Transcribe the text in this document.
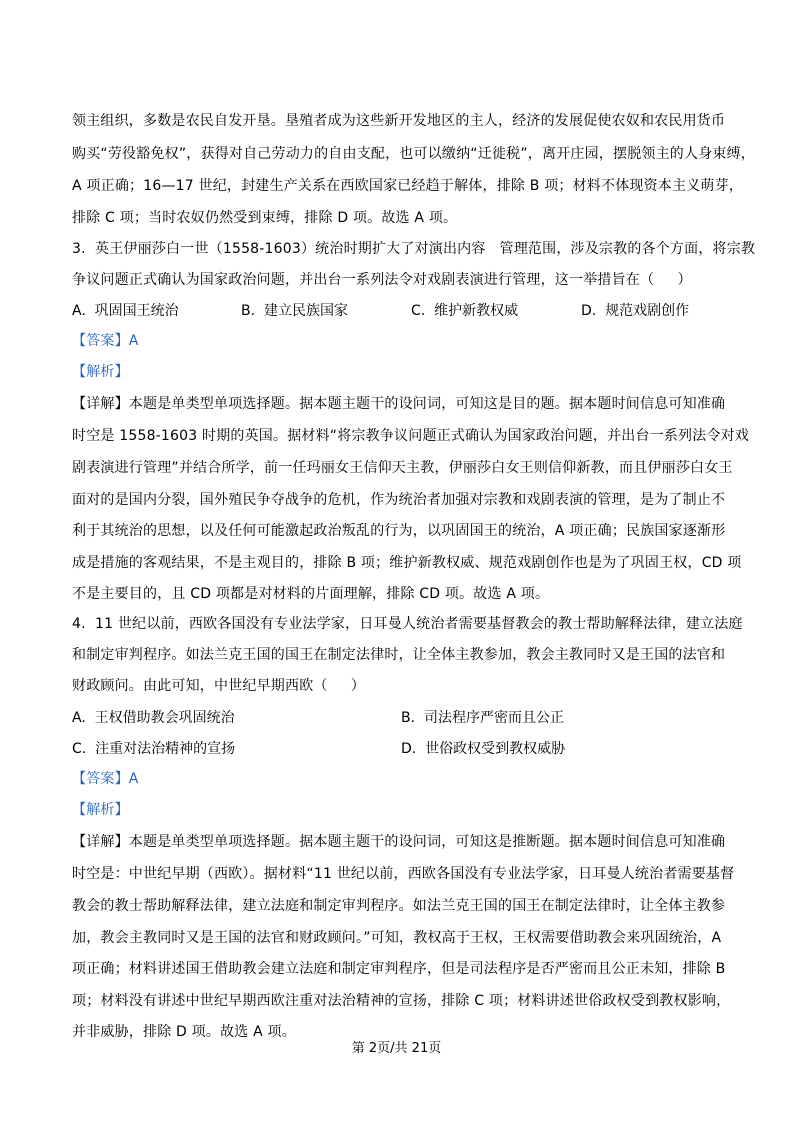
领主组织，多数是农民自发开垦。垦殖者成为这些新开发地区的主人，经济的发展促使农奴和农民用货币

购买“劳役豁免权”，获得对自己劳动力的自由支配，也可以缴纳“迁徙税”，离开庄园，摆脱领主的人身束缚，

A 项正确；16—17 世纪，封建生产关系在西欧国家已经趋于解体，排除 B 项；材料不体现资本主义萌芽，

排除 C 项；当时农奴仍然受到束缚，排除 D 项。故选 A 项。

3.  英王伊丽莎白一世（1558-1603）统治时期扩大了对演出内容   管理范围，涉及宗教的各个方面，将宗教

争议问题正式确认为国家政治问题，并出台一系列法令对戏剧表演进行管理，这一举措旨在（     ）

A.  巩固国王统治	B.  建立民族国家	C.  维护新教权威	D.  规范戏剧创作

【答案】A

【解析】

【详解】本题是单类型单项选择题。据本题主题干的设问词，可知这是目的题。据本题时间信息可知准确

时空是 1558-1603 时期的英国。据材料“将宗教争议问题正式确认为国家政治问题，并出台一系列法令对戏

剧表演进行管理”并结合所学，前一任玛丽女王信仰天主教，伊丽莎白女王则信仰新教，而且伊丽莎白女王

面对的是国内分裂，国外殖民争夺战争的危机，作为统治者加强对宗教和戏剧表演的管理，是为了制止不

利于其统治的思想，以及任何可能激起政治叛乱的行为，以巩固国王的统治，A 项正确；民族国家逐渐形

成是措施的客观结果，不是主观目的，排除 B 项；维护新教权威、规范戏剧创作也是为了巩固王权，CD 项

不是主要目的，且 CD 项都是对材料的片面理解，排除 CD 项。故选 A 项。

4.  11 世纪以前，西欧各国没有专业法学家，日耳曼人统治者需要基督教会的教士帮助解释法律，建立法庭

和制定审判程序。如法兰克王国的国王在制定法律时，让全体主教参加，教会主教同时又是王国的法官和

财政顾问。由此可知，中世纪早期西欧（     ）

A.  王权借助教会巩固统治	B.  司法程序严密而且公正

C.  注重对法治精神的宣扬	D.  世俗政权受到教权威胁

【答案】A

【解析】

【详解】本题是单类型单项选择题。据本题主题干的设问词，可知这是推断题。据本题时间信息可知准确

时空是：中世纪早期（西欧）。据材料“11 世纪以前，西欧各国没有专业法学家，日耳曼人统治者需要基督

教会的教士帮助解释法律，建立法庭和制定审判程序。如法兰克王国的国王在制定法律时，让全体主教参

加，教会主教同时又是王国的法官和财政顾问。”可知，教权高于王权，王权需要借助教会来巩固统治，A

项正确；材料讲述国王借助教会建立法庭和制定审判程序，但是司法程序是否严密而且公正未知，排除 B

项；材料没有讲述中世纪早期西欧注重对法治精神的宣扬，排除 C 项；材料讲述世俗政权受到教权影响，

并非威胁，排除 D 项。故选 A 项。

第 2页/共 21页
